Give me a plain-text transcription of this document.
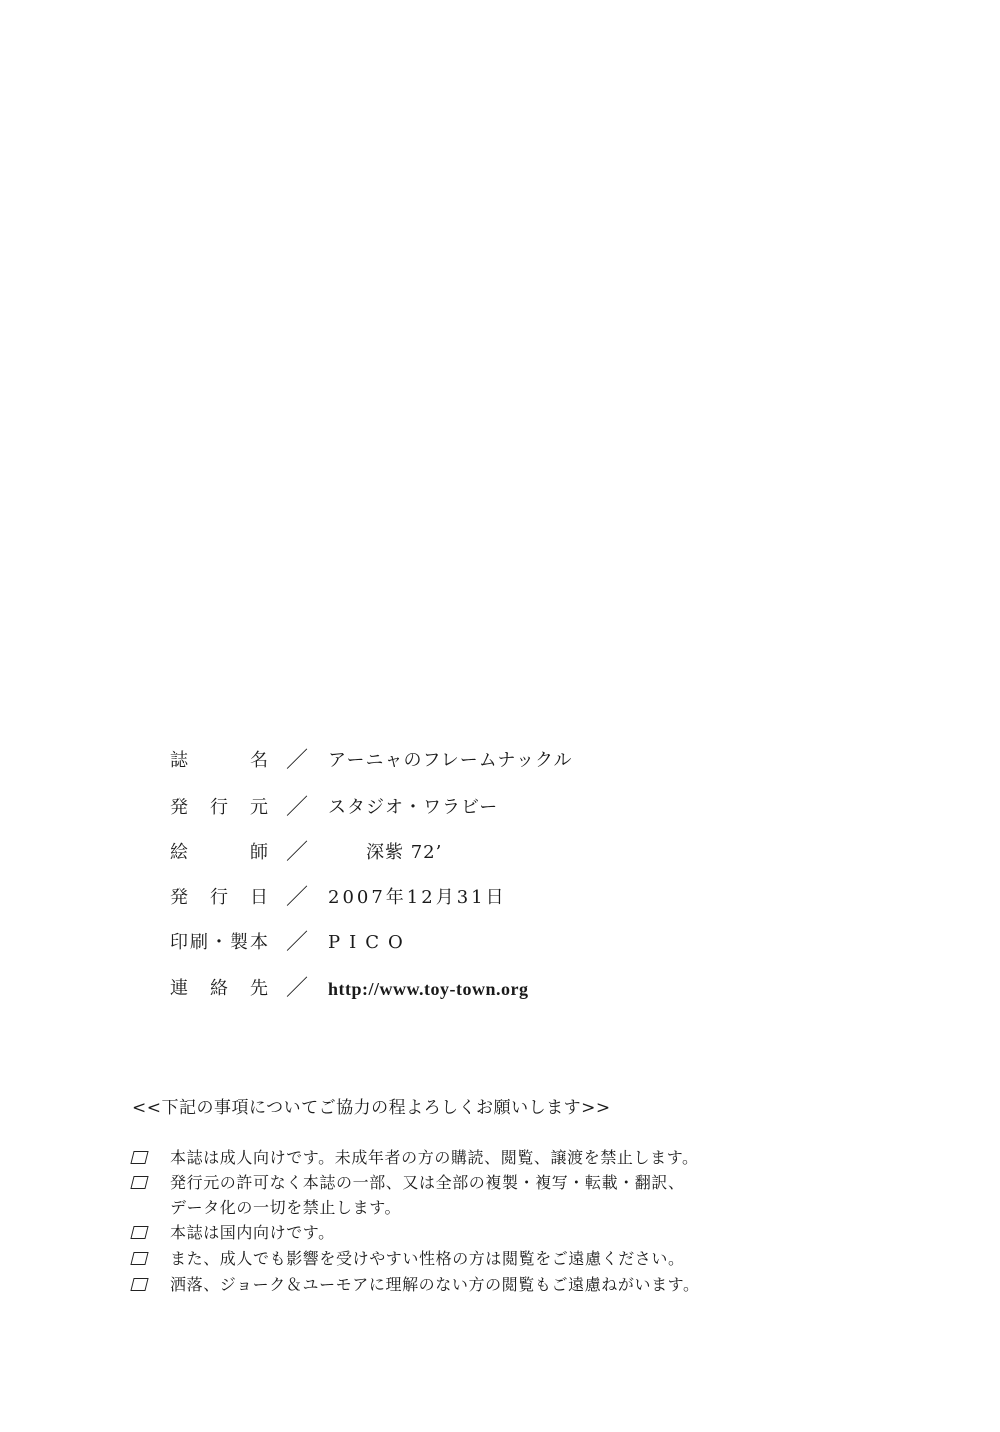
誌　名 ／ アーニャのフレームナックル
発行元 ／ スタジオ・ワラビー
絵　師 ／	深紫 72’
発行日 ／ 2007年12月31日
印刷・製本 ／ PICO
連絡先 ／ http://www.toy-town.org
<<下記の事項についてご協力の程よろしくお願いします>>
本誌は成人向けです。未成年者の方の購読、閲覧、譲渡を禁止します。
発行元の許可なく本誌の一部、又は全部の複製・複写・転載・翻訳、
データ化の一切を禁止します。
本誌は国内向けです。
また、成人でも影響を受けやすい性格の方は閲覧をご遠慮ください。
洒落、ジョーク＆ユーモアに理解のない方の閲覧もご遠慮ねがいます。
